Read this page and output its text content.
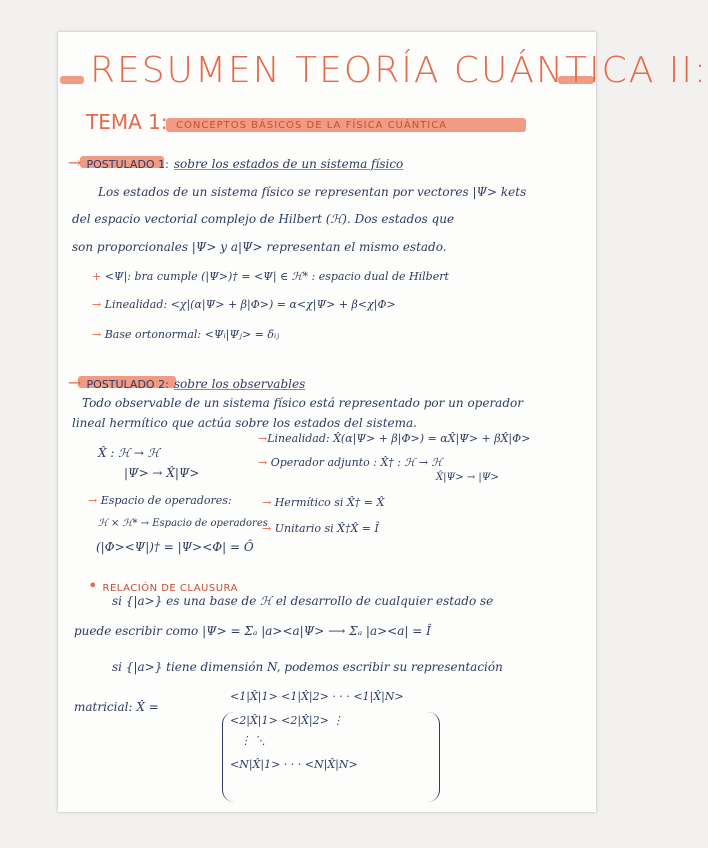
RESUMEN TEORÍA CUÁNTICA II:
TEMA 1: CONCEPTOS BÁSICOS DE LA FÍSICA CUÁNTICA
→ POSTULADO 1: sobre los estados de un sistema físico
Los estados de un sistema físico se representan por vectores |Ψ> kets
del espacio vectorial complejo de Hilbert (ℋ). Dos estados que
son proporcionales |Ψ> y a|Ψ> representan el mismo estado.
+ <Ψ|: bra cumple (|Ψ>)† = <Ψ| ∈ ℋ* : espacio dual de Hilbert
→ Linealidad: <χ|(α|Ψ> + β|Φ>) = α<χ|Ψ> + β<χ|Φ>
→ Base ortonormal: <Ψᵢ|Ψⱼ> = δᵢⱼ
→ POSTULADO 2: sobre los observables
Todo observable de un sistema físico está representado por un operador
lineal hermítico que actúa sobre los estados del sistema.
X̂ : ℋ → ℋ
|Ψ> → X̂|Ψ>
→Linealidad: X̂(α|Ψ> + β|Φ>) = αX̂|Ψ> + βX̂|Φ>
→ Operador adjunto : X̂† : ℋ → ℋ
X̂|Ψ> → |Ψ>
→ Espacio de operadores:
ℋ × ℋ* → Espacio de operadores
(|Φ><Ψ|)† = |Ψ><Φ| = Ô
→ Hermítico si X̂† = X̂
→ Unitario si X̂†X̂ = Î
• RELACIÓN DE CLAUSURA
si {|a>} es una base de ℋ el desarrollo de cualquier estado se
puede escribir como |Ψ> = Σₐ |a><a|Ψ> ⟶ Σₐ |a><a| = Î
si {|a>} tiene dimensión N, podemos escribir su representación
matricial: X̂ =
<1|X̂|1> <1|X̂|2> · · · <1|X̂|N>
<2|X̂|1> <2|X̂|2> ⋮
⋮ ⋱
<N|X̂|1> · · · <N|X̂|N>
